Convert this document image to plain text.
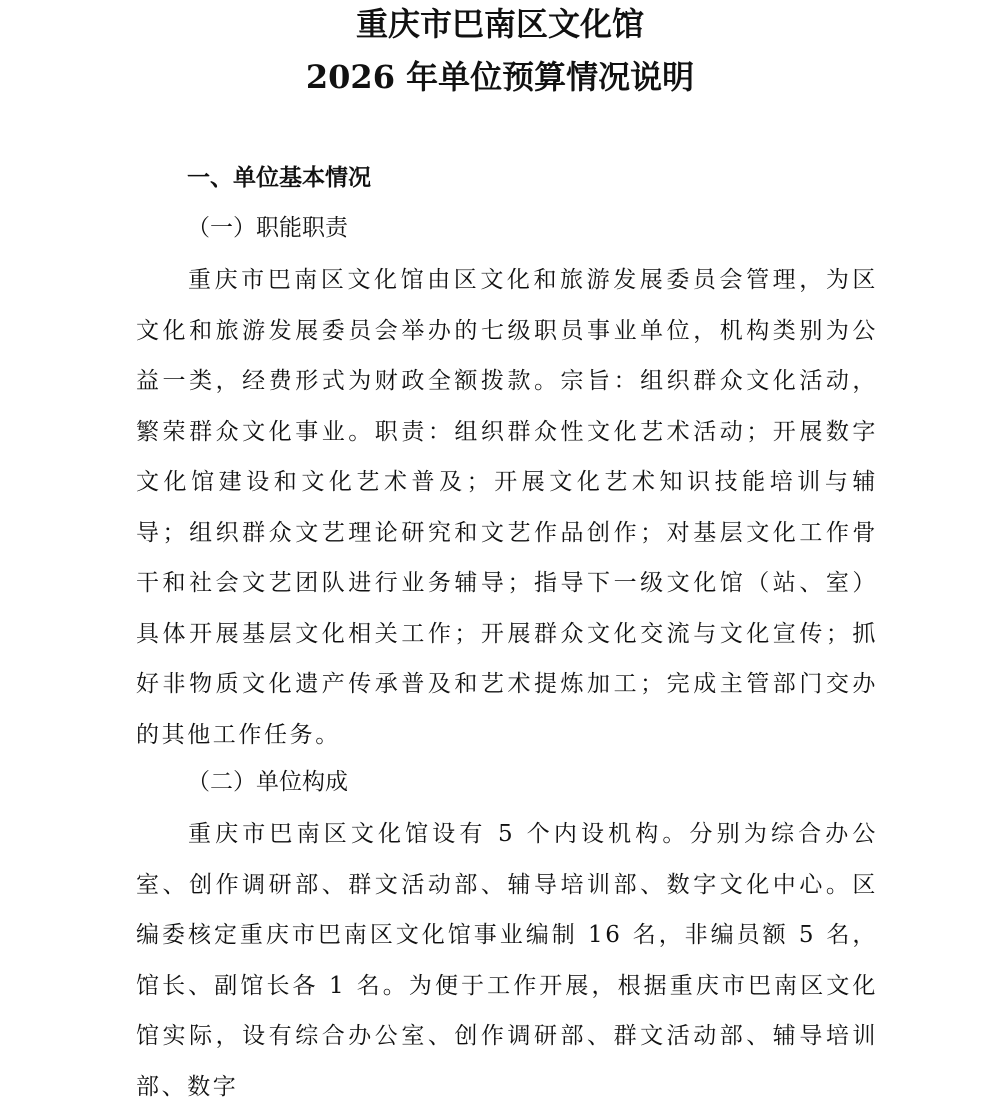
重庆市巴南区文化馆
2026 年单位预算情况说明
一、单位基本情况
（一）职能职责

重庆市巴南区文化馆由区文化和旅游发展委员会管理，为区文化和旅游发展委员会举办的七级职员事业单位，机构类别为公益一类，经费形式为财政全额拨款。宗旨：组织群众文化活动，繁荣群众文化事业。职责：组织群众性文化艺术活动；开展数字文化馆建设和文化艺术普及；开展文化艺术知识技能培训与辅导；组织群众文艺理论研究和文艺作品创作；对基层文化工作骨干和社会文艺团队进行业务辅导；指导下一级文化馆（站、室）具体开展基层文化相关工作；开展群众文化交流与文化宣传；抓好非物质文化遗产传承普及和艺术提炼加工；完成主管部门交办的其他工作任务。

（二）单位构成

重庆市巴南区文化馆设有 5 个内设机构。分别为综合办公室、创作调研部、群文活动部、辅导培训部、数字文化中心。区编委核定重庆市巴南区文化馆事业编制 16 名，非编员额 5 名，馆长、副馆长各 1 名。为便于工作开展，根据重庆市巴南区文化馆实际，设有综合办公室、创作调研部、群文活动部、辅导培训部、数字
